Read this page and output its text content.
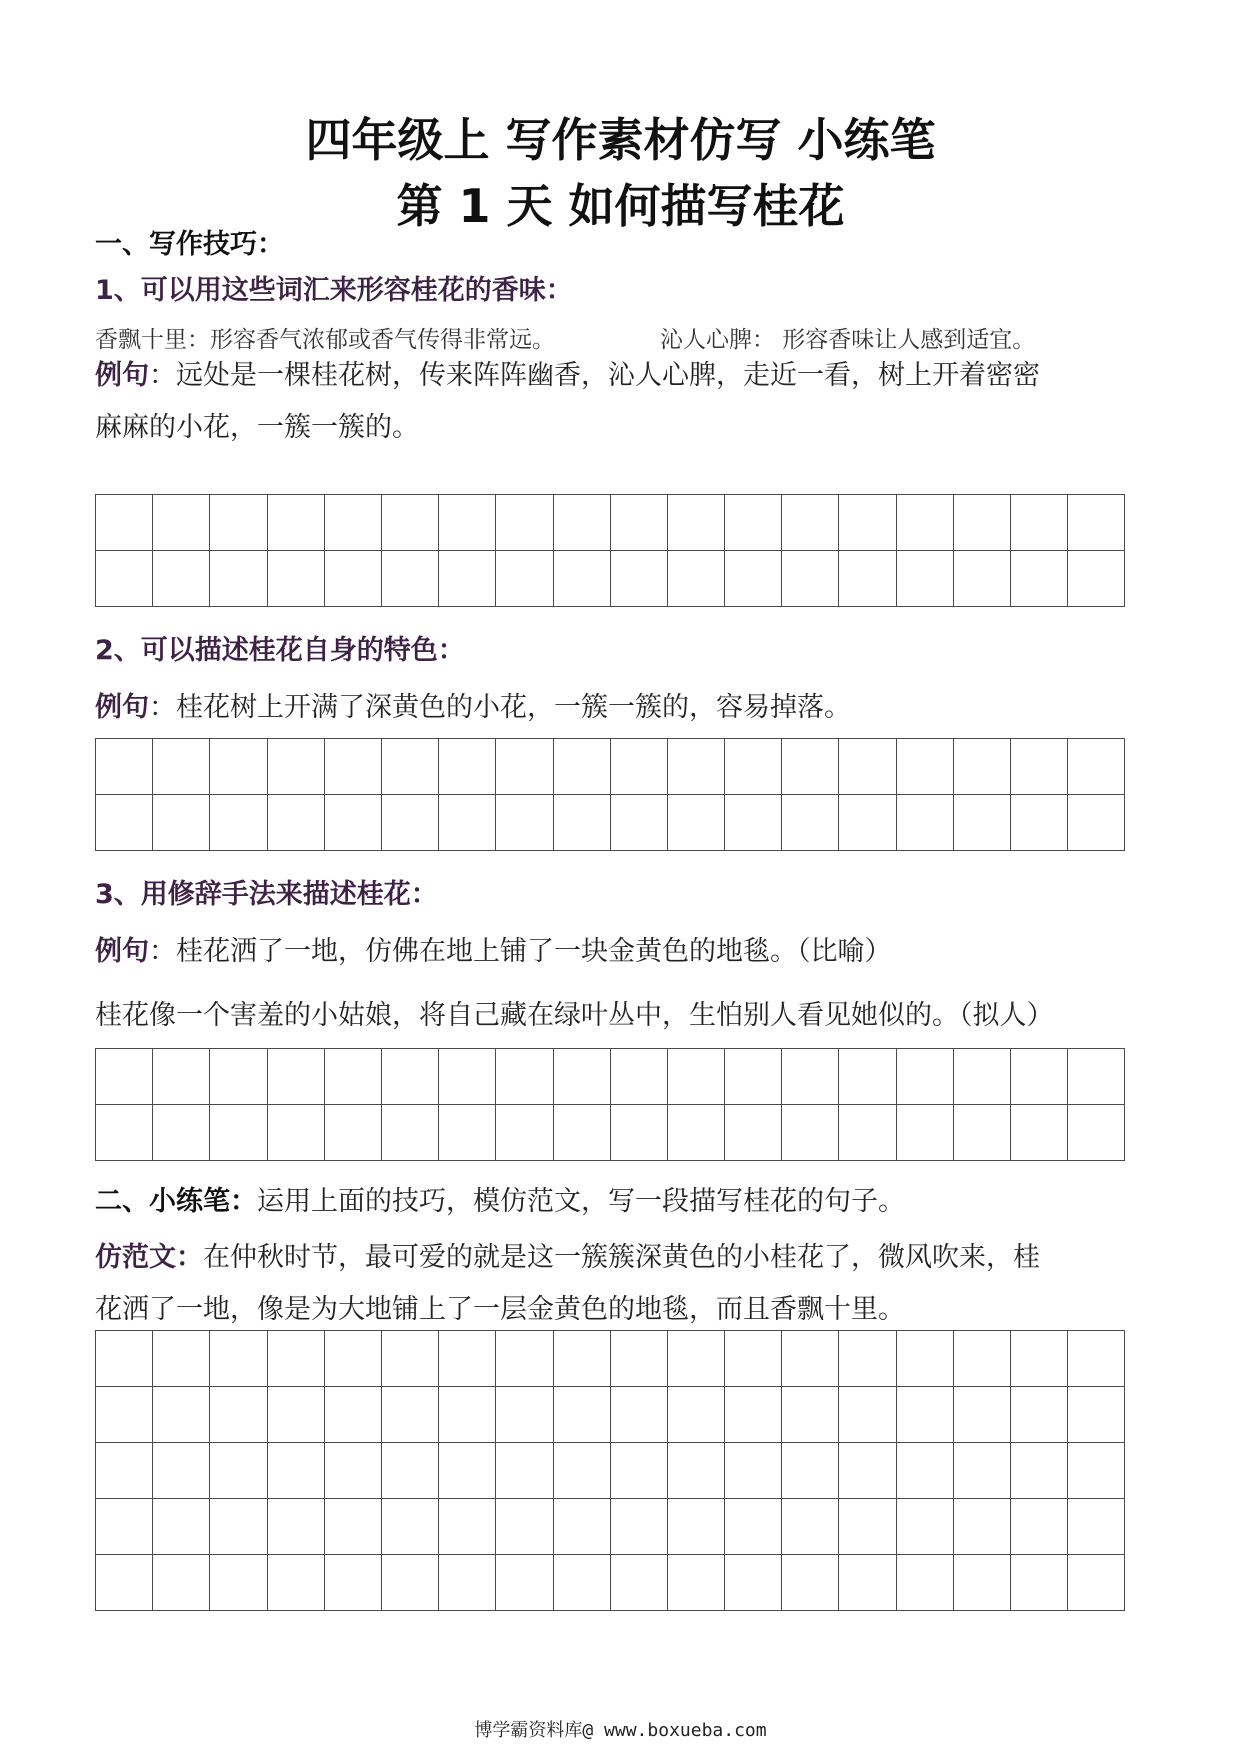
四年级上 写作素材仿写 小练笔
第 1 天 如何描写桂花
一、写作技巧：
1、可以用这些词汇来形容桂花的香味：
香飘十里：形容香气浓郁或香气传得非常远。	沁人心脾： 形容香味让人感到适宜。
例句：远处是一棵桂花树，传来阵阵幽香，沁人心脾，走近一看，树上开着密密
麻麻的小花，一簇一簇的。
2、可以描述桂花自身的特色：
例句：桂花树上开满了深黄色的小花，一簇一簇的，容易掉落。
3、用修辞手法来描述桂花：
例句：桂花洒了一地，仿佛在地上铺了一块金黄色的地毯。（比喻）
桂花像一个害羞的小姑娘，将自己藏在绿叶丛中，生怕别人看见她似的。（拟人）
二、小练笔：运用上面的技巧，模仿范文，写一段描写桂花的句子。
仿范文：在仲秋时节，最可爱的就是这一簇簇深黄色的小桂花了，微风吹来，桂
花洒了一地，像是为大地铺上了一层金黄色的地毯，而且香飘十里。
博学霸资料库@ www.boxueba.com
